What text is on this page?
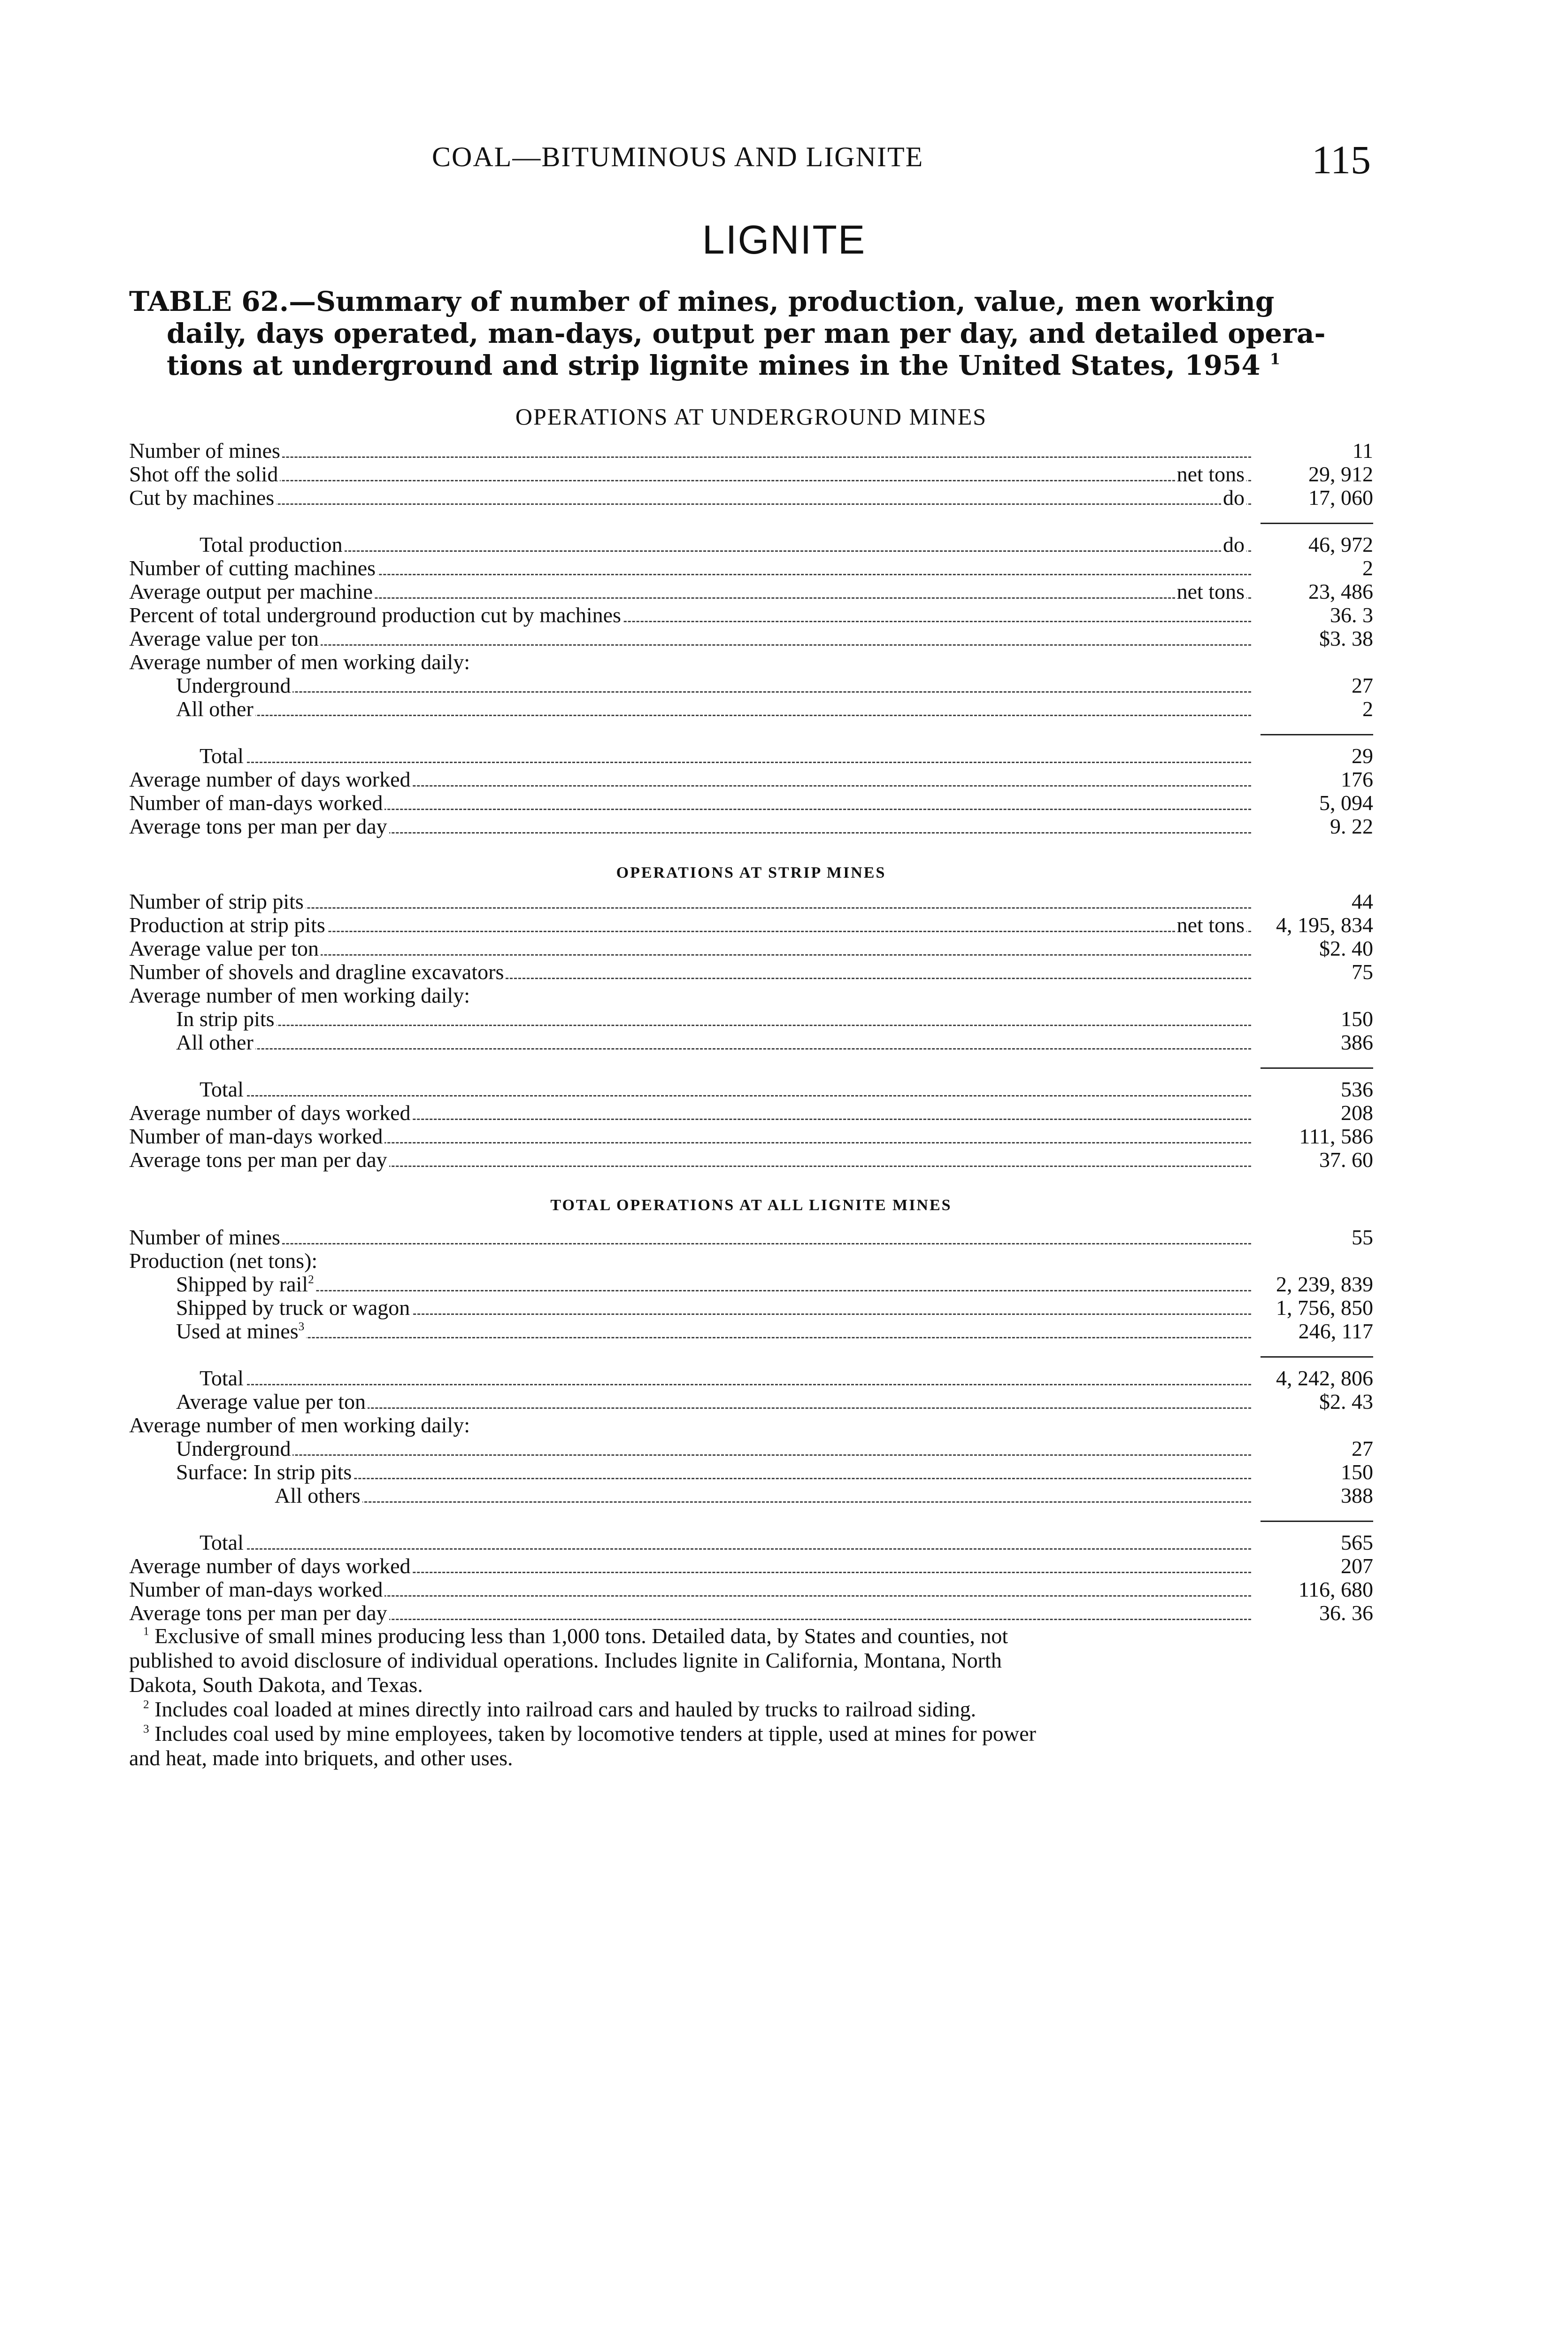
COAL—BITUMINOUS AND LIGNITE	115
LIGNITE
TABLE 62.—Summary of number of mines, production, value, men working
daily, days operated, man-days, output per man per day, and detailed opera-
tions at underground and strip lignite mines in the United States, 1954 $^1$
OPERATIONS AT UNDERGROUND MINES
OPERATIONS AT STRIP MINES
TOTAL OPERATIONS AT ALL LIGNITE MINES
Number of mines	11
Shot off the solid	net tons	29, 912
Cut by machines	do	17, 060
Total production	do	46, 972
Number of cutting machines	2
Average output per machine	net tons	23, 486
Percent of total underground production cut by machines	36. 3
Average value per ton	$3. 38
Average number of men working daily:
Underground	27
All other	2
Total	29
Average number of days worked	176
Number of man-days worked	5, 094
Average tons per man per day	9. 22
Number of strip pits	44
Production at strip pits	net tons	4, 195, 834
Average value per ton	$2. 40
Number of shovels and dragline excavators	75
Average number of men working daily:
In strip pits	150
All other	386
Total	536
Average number of days worked	208
Number of man-days worked	111, 586
Average tons per man per day	37. 60
Number of mines	55
Production (net tons):
Shipped by rail$^2$	2, 239, 839
Shipped by truck or wagon	1, 756, 850
Used at mines$^3$	246, 117
Total	4, 242, 806
Average value per ton	$2. 43
Average number of men working daily:
Underground	27
Surface: In strip pits	150
All others	388
Total	565
Average number of days worked	207
Number of man-days worked	116, 680
Average tons per man per day	36. 36
$^1$ Exclusive of small mines producing less than 1,000 tons. Detailed data, by States and counties, not
published to avoid disclosure of individual operations. Includes lignite in California, Montana, North
Dakota, South Dakota, and Texas.
$^2$ Includes coal loaded at mines directly into railroad cars and hauled by trucks to railroad siding.
$^3$ Includes coal used by mine employees, taken by locomotive tenders at tipple, used at mines for power
and heat, made into briquets, and other uses.
